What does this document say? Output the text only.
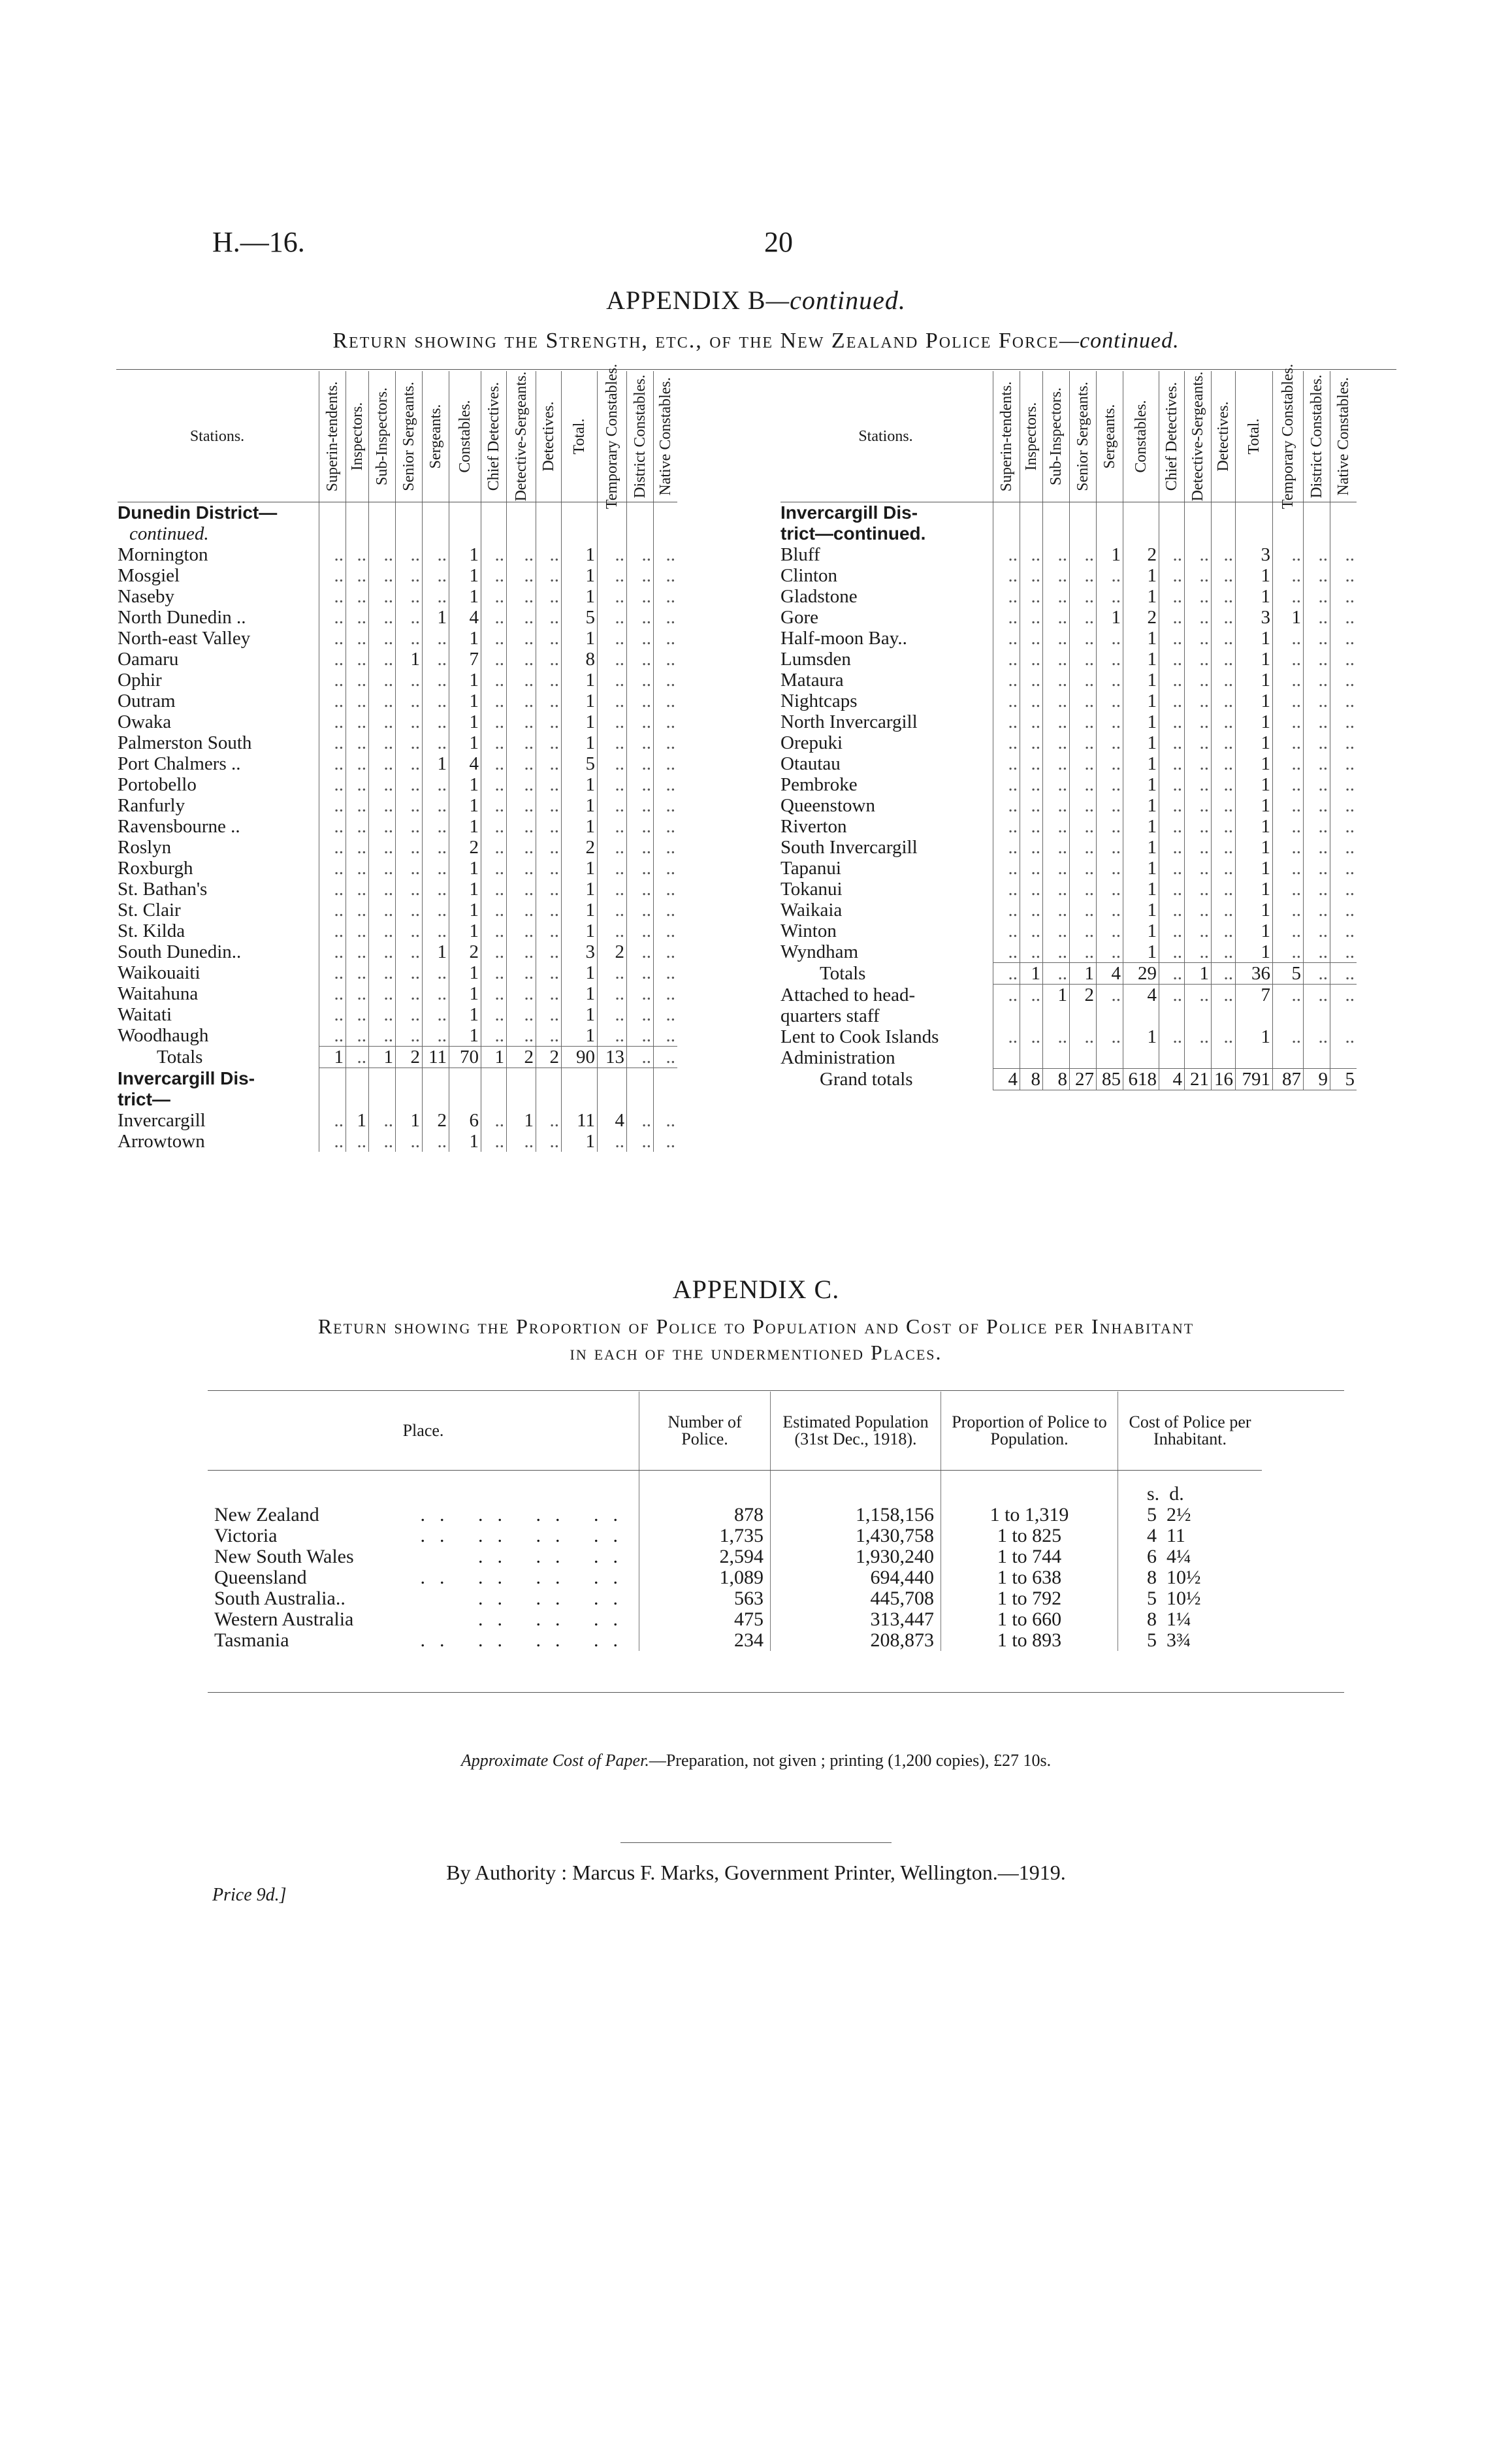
H.—16.	20
APPENDIX B—continued.
Return showing the Strength, etc., of the New Zealand Police Force—continued.
Stations.	Superin-tendents.	Inspectors.	Sub-Inspectors.	Senior Sergeants.	Sergeants.	Constables.	Chief Detectives.	Detective-Sergeants.	Detectives.	Total.	Temporary Constables.	District Constables.	Native Constables.

Dunedin District—													
continued.													
Mornington	..	..	..	..	..	1	..	..	..	1	..	..	..
Mosgiel	..	..	..	..	..	1	..	..	..	1	..	..	..
Naseby	..	..	..	..	..	1	..	..	..	1	..	..	..
North Dunedin ..	..	..	..	..	1	4	..	..	..	5	..	..	..
North-east Valley	..	..	..	..	..	1	..	..	..	1	..	..	..
Oamaru	..	..	..	1	..	7	..	..	..	8	..	..	..
Ophir	..	..	..	..	..	1	..	..	..	1	..	..	..
Outram	..	..	..	..	..	1	..	..	..	1	..	..	..
Owaka	..	..	..	..	..	1	..	..	..	1	..	..	..
Palmerston South	..	..	..	..	..	1	..	..	..	1	..	..	..
Port Chalmers ..	..	..	..	..	1	4	..	..	..	5	..	..	..
Portobello	..	..	..	..	..	1	..	..	..	1	..	..	..
Ranfurly	..	..	..	..	..	1	..	..	..	1	..	..	..
Ravensbourne ..	..	..	..	..	..	1	..	..	..	1	..	..	..
Roslyn	..	..	..	..	..	2	..	..	..	2	..	..	..
Roxburgh	..	..	..	..	..	1	..	..	..	1	..	..	..
St. Bathan's	..	..	..	..	..	1	..	..	..	1	..	..	..
St. Clair	..	..	..	..	..	1	..	..	..	1	..	..	..
St. Kilda	..	..	..	..	..	1	..	..	..	1	..	..	..
South Dunedin..	..	..	..	..	1	2	..	..	..	3	2	..	..
Waikouaiti	..	..	..	..	..	1	..	..	..	1	..	..	..
Waitahuna	..	..	..	..	..	1	..	..	..	1	..	..	..
Waitati	..	..	..	..	..	1	..	..	..	1	..	..	..
Woodhaugh	..	..	..	..	..	1	..	..	..	1	..	..	..

Totals	1	..	1	2	11	70	1	2	2	90	13	..	..

Invercargill Dis-													
trict—													
Invercargill	..	1	..	1	2	6	..	1	..	11	4	..	..
Arrowtown	..	..	..	..	..	1	..	..	..	1	..	..	..
Stations.	Superin-tendents.	Inspectors.	Sub-Inspectors.	Senior Sergeants.	Sergeants.	Constables.	Chief Detectives.	Detective-Sergeants.	Detectives.	Total.	Temporary Constables.	District Constables.	Native Constables.

Invercargill Dis-													
trict—continued.													
Bluff	..	..	..	..	1	2	..	..	..	3	..	..	..
Clinton	..	..	..	..	..	1	..	..	..	1	..	..	..
Gladstone	..	..	..	..	..	1	..	..	..	1	..	..	..
Gore	..	..	..	..	1	2	..	..	..	3	1	..	..
Half-moon Bay..	..	..	..	..	..	1	..	..	..	1	..	..	..
Lumsden	..	..	..	..	..	1	..	..	..	1	..	..	..
Mataura	..	..	..	..	..	1	..	..	..	1	..	..	..
Nightcaps	..	..	..	..	..	1	..	..	..	1	..	..	..
North Invercargill	..	..	..	..	..	1	..	..	..	1	..	..	..
Orepuki	..	..	..	..	..	1	..	..	..	1	..	..	..
Otautau	..	..	..	..	..	1	..	..	..	1	..	..	..
Pembroke	..	..	..	..	..	1	..	..	..	1	..	..	..
Queenstown	..	..	..	..	..	1	..	..	..	1	..	..	..
Riverton	..	..	..	..	..	1	..	..	..	1	..	..	..
South Invercargill	..	..	..	..	..	1	..	..	..	1	..	..	..
Tapanui	..	..	..	..	..	1	..	..	..	1	..	..	..
Tokanui	..	..	..	..	..	1	..	..	..	1	..	..	..
Waikaia	..	..	..	..	..	1	..	..	..	1	..	..	..
Winton	..	..	..	..	..	1	..	..	..	1	..	..	..
Wyndham	..	..	..	..	..	1	..	..	..	1	..	..	..

Totals	..	1	..	1	4	29	..	1	..	36	5	..	..

Attached to head-	..	..	1	2	..	4	..	..	..	7	..	..	..
quarters staff													
Lent to Cook Islands	..	..	..	..	..	1	..	..	..	1	..	..	..
Administration													

Grand totals	4	8	8	27	85	618	4	21	16	791	87	9	5
APPENDIX C.
Return showing the Proportion of Police to Population and Cost of Police per Inhabitant
in each of the undermentioned Places.
Place.	Number of Police.	Estimated Population (31st Dec., 1918).	Proportion of Police to Population.	Cost of Police per Inhabitant.

				s. d.
New Zealand .. .. .. ..	878	1,158,156	1 to 1,319	5 2½
Victoria .. .. .. ..	1,735	1,430,758	1 to 825	4 11
New South Wales .. .. ..	2,594	1,930,240	1 to 744	6 4¼
Queensland .. .. .. ..	1,089	694,440	1 to 638	8 10½
South Australia.. .. .. ..	563	445,708	1 to 792	5 10½
Western Australia .. .. ..	475	313,447	1 to 660	8 1¼
Tasmania .. .. .. ..	234	208,873	1 to 893	5 3¾
Approximate Cost of Paper.—Preparation, not given ; printing (1,200 copies), £27 10s.
By Authority : Marcus F. Marks, Government Printer, Wellington.—1919.
Price 9d.]
